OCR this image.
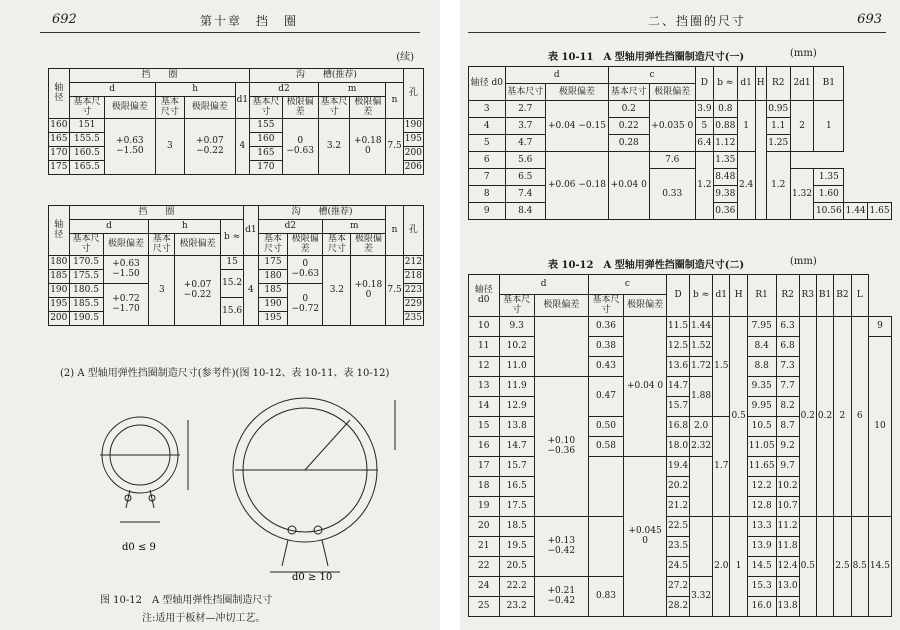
692	第十章　挡　圈
(续)
轴径	挡　　圈					沟　　槽(推荐)					孔
	d		h		d1	d2		m		n	
	基本尺寸	极限偏差	基本尺寸	极限偏差		基本尺寸	极限偏差	基本尺寸	极限偏差		
160	151	+0.63 −1.50	3	+0.07 −0.22	4	155	0 −0.63	3.2	+0.18 0	7.5	190
165	155.5					160					195
170	160.5					165					200
175	165.5					170					206
轴径	挡　　圈					d1	沟　　槽(推荐)				n	孔
	d		h		b ≈		d2		m			
	基本尺寸	极限偏差	基本尺寸	极限偏差			基本尺寸	极限偏差	基本尺寸	极限偏差		
180	170.5	+0.63 −1.50	3	+0.07 −0.22	15	4	175	0 −0.63	3.2	+0.18 0	7.5	212
185	175.5				15.2		180					218
190	180.5	+0.72 −1.70					185	0 −0.72				223
195	185.5				15.6		190					229
200	190.5						195					235
(2) A 型轴用弹性挡圈制造尺寸(参考件)(图 10-12、表 10-11、表 10-12)
d0 ≤ 9
d0 ≥ 10
图 10-12　A 型轴用弹性挡圈制造尺寸
注:适用于板材—冲切工艺。
二、挡圈的尺寸	693
表 10-11　A 型轴用弹性挡圈制造尺寸(一)	(mm)
轴径 d0	d		c		D	b ≈	d1	H	R2	2d1	B1		
	基本尺寸	极限偏差	基本尺寸	极限偏差									
3	2.7	+0.04 −0.15	0.2	+0.035 0	3.9	0.8	1		0.95	2	1		
4	3.7		0.22		5	0.88			1.1				
5	4.7		0.28		6.4	1.12			1.25				
6	5.6	+0.06 −0.18	+0.04 0	7.6	1.2	1.35	2.4		1.2				
7	6.5			0.33		8.48				1.32	1.35		
8	7.4					9.38					1.60		
9	8.4					0.36					10.56	1.44	1.65
表 10-12　A 型轴用弹性挡圈制造尺寸(二)	(mm)
轴径 d0	d		c		D	b ≈	d1	H	R1	R2	R3	B1	B2	L	
	基本尺寸	极限偏差	基本尺寸	极限偏差											
10	9.3		0.36	+0.04 0	11.5	1.44	1.5	0.5	7.95	6.3	0.2	0.2	2	6	9
11	10.2		0.38		12.5	1.52			8.4	6.8					10
12	11.0		0.43		13.6	1.72			8.8	7.3					
13	11.9	+0.10 −0.36	0.47		14.7	1.88			9.35	7.7					
14	12.9				15.7				9.95	8.2					
15	13.8		0.50		16.8	2.0	1.7		10.5	8.7					
16	14.7		0.58		18.0	2.32			11.05	9.2					
17	15.7			+0.045 0	19.4				11.65	9.7					
18	16.5				20.2				12.2	10.2					
19	17.5				21.2				12.8	10.7					
20	18.5	+0.13 −0.42			22.5		2.0	1	13.3	11.2	0.5		2.5	8.5	14.5
21	19.5				23.5				13.9	11.8					
22	20.5				24.5				14.5	12.4					
24	22.2	+0.21 −0.42	0.83		27.2	3.32			15.3	13.0					
25	23.2				28.2				16.0	13.8					
